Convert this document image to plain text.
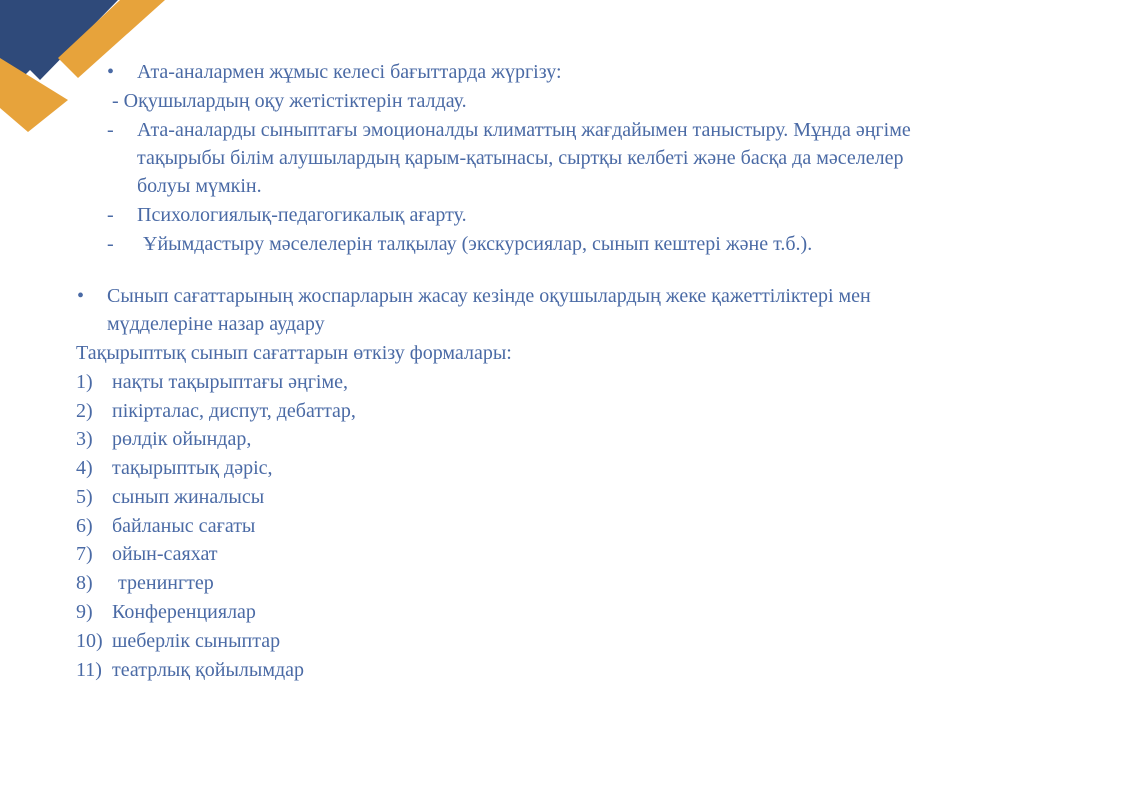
• Ата-аналармен жұмыс келесі бағыттарда жүргізу:
- Оқушылардың оқу жетістіктерін талдау.
- Ата-аналарды сыныптағы эмоционалды климаттың жағдайымен таныстыру. Мұнда әңгіме
тақырыбы білім алушылардың қарым-қатынасы, сыртқы келбеті және басқа да мәселелер
болуы мүмкін.
- Психологиялық-педагогикалық ағарту.
- Ұйымдастыру мәселелерін талқылау (экскурсиялар, сынып кештері және т.б.).
• Сынып сағаттарының жоспарларын жасау кезінде оқушылардың жеке қажеттіліктері мен
мүдделеріне назар аудару
Тақырыптық сынып сағаттарын өткізу формалары:
1) нақты тақырыптағы әңгіме,
2) пікірталас, диспут, дебаттар,
3) рөлдік ойындар,
4) тақырыптық дәріс,
5) сынып жиналысы
6) байланыс сағаты
7) ойын-саяхат
8) тренингтер
9) Конференциялар
10) шеберлік сыныптар
11) театрлық қойылымдар
